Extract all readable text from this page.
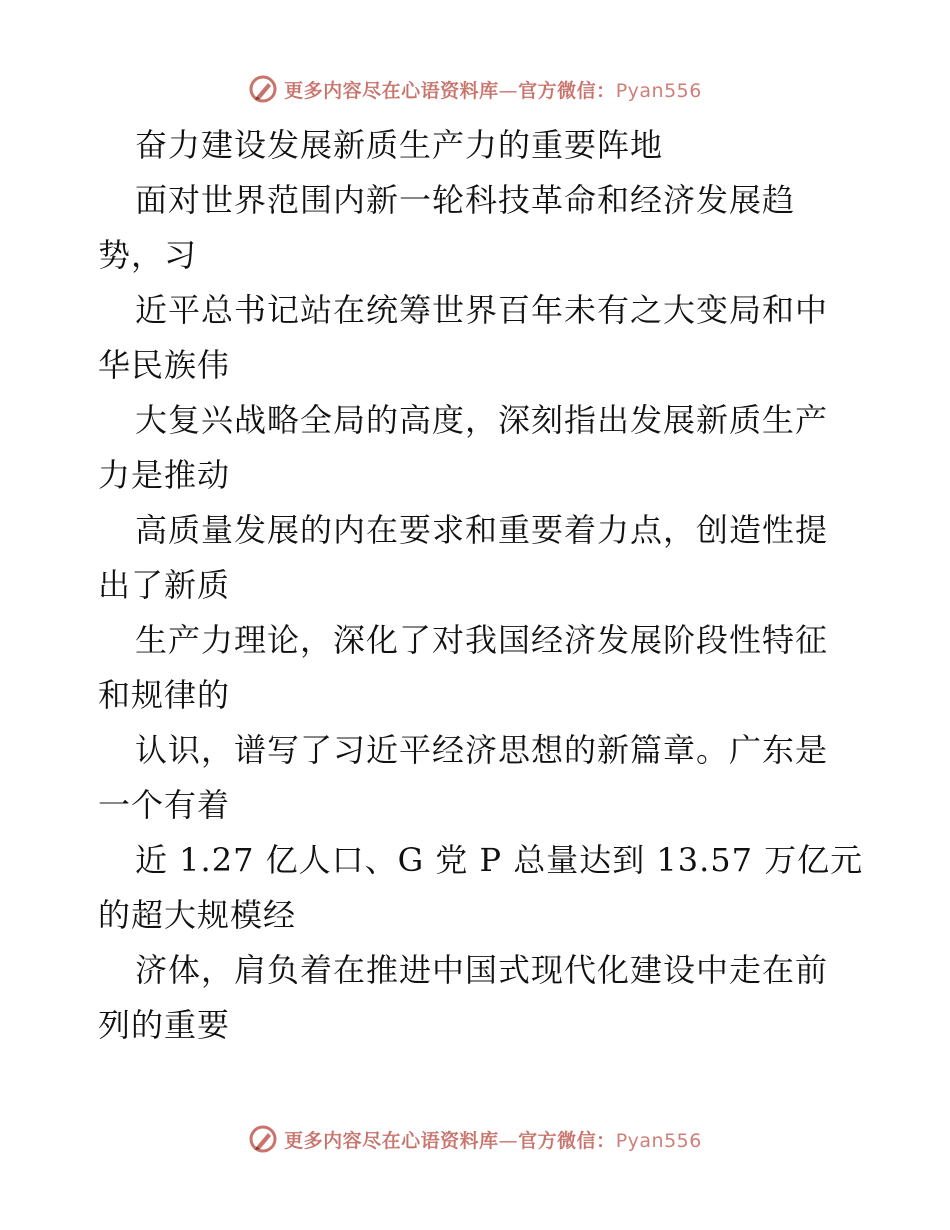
更多内容尽在心语资料库—官方微信：Pyan556
奋力建设发展新质生产力的重要阵地
面对世界范围内新一轮科技革命和经济发展趋
势，习
近平总书记站在统筹世界百年未有之大变局和中
华民族伟
大复兴战略全局的高度，深刻指出发展新质生产
力是推动
高质量发展的内在要求和重要着力点，创造性提
出了新质
生产力理论，深化了对我国经济发展阶段性特征
和规律的
认识，谱写了习近平经济思想的新篇章。广东是
一个有着
近 1.27 亿人口、G 党 P 总量达到 13.57 万亿元
的超大规模经
济体，肩负着在推进中国式现代化建设中走在前
列的重要
更多内容尽在心语资料库—官方微信：Pyan556
